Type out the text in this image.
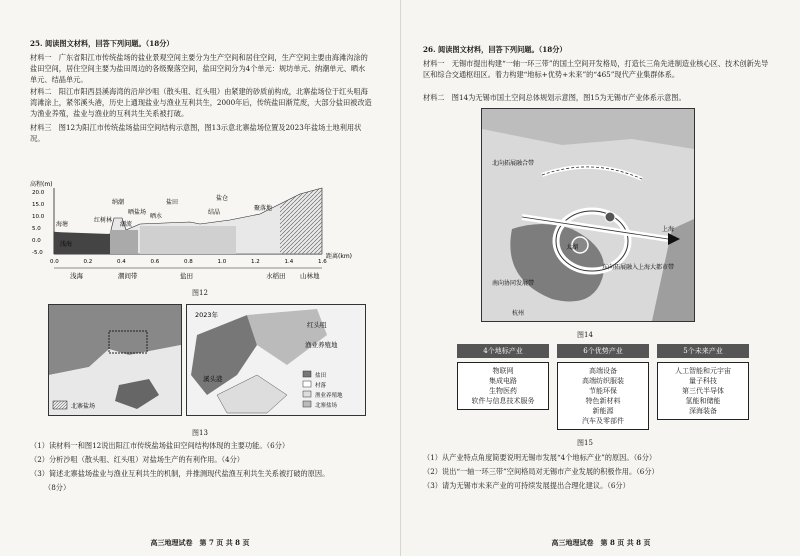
25. 阅读图文材料，回答下列问题。（18分）
材料一　广东省阳江市传统盐场的盐业景观空间主要分为生产空间和居住空间，生产空间主要由海滩沟涂的盐田空间，居住空间主要为盐田周边的各级聚落空间，盐田空间分为4个单元：规坊单元、纳潮单元、晒水单元、结晶单元。
材料二　阳江市阳西县溪海湾的沿岸沙咀（散头咀、红头咀）由紧建的砂质前构成，北寨盐场位于红头咀海湾滩涂上，紧邻溪头港，历史上通现盐业与渔业互利共生，2000年后，传统盐田渐荒废，大部分盐田被改造为渔业养殖，盐业与渔业的互利共生关系被打破。
材料三　图12为阳江市传统盐场盐田空间结构示意图，图13示意北寨盐场位置及2023年盐场土地利用状况。
高程(m)
20.0
15.0
10.0
5.0
0.0
-5.0
0.0	0.2	0.4	0.6	0.8	1.0	1.2	1.4	1.6
海塘
纳潮	盐田
盐仓
红树林
晒水
晒盐场	结晶
聚落地
潮流
浅海
距离(km)
浅海	潮间带	盐田	水稻田 山林地
图12
北寨盐场
2023年
红头咀
渔业养殖地
溪头港	盐田
村落
渔业养殖地
北寨盐场
图13
（1）读材料一和图12说出阳江市传统盐场盐田空间结构体现的主要功能。（6分）
（2）分析沙咀（散头咀、红头咀）对盐场生产的有利作用。（4分）
（3）简述北寨盐场盐业与渔业互利共生的机制，并推测现代盐渔互利共生关系被打破的原因。
（8分）
高三地理试卷　第 7 页 共 8 页
26. 阅读图文材料，回答下列问题。（18分）
材料一　无锡市提出构建“一轴一环三带”的国土空间开发格局，打造长三角先进制造业核心区、技术创新先导区和综合交通枢纽区。着力构建“地标+优势+未来”的“465”现代产业集群体系。
材料二　图14为无锡市国土空间总体规划示意图，图15为无锡市产业体系示意图。
北向拓展融合带
太湖
上海
东向拓展融入上海大都市带
南向协同发展带
杭州
图14
4个地标产业
物联网
集成电路
生物医药
软件与信息技术服务
6个优势产业
高端设备
高端纺织服装
节能环保
特色新材料
新能源
汽车及零部件
5个未来产业
人工智能和元宇宙
量子科技
第三代半导体
氢能和储能
深海装备
图15
（1）从产业特点角度简要说明无锡市发展“4个地标产业”的原因。（6分）
（2）说出“一轴一环三带”空间格局对无锡市产业发展的积极作用。（6分）
（3）请为无锡市未来产业的可持续发展提出合理化建议。（6分）
高三地理试卷　第 8 页 共 8 页
